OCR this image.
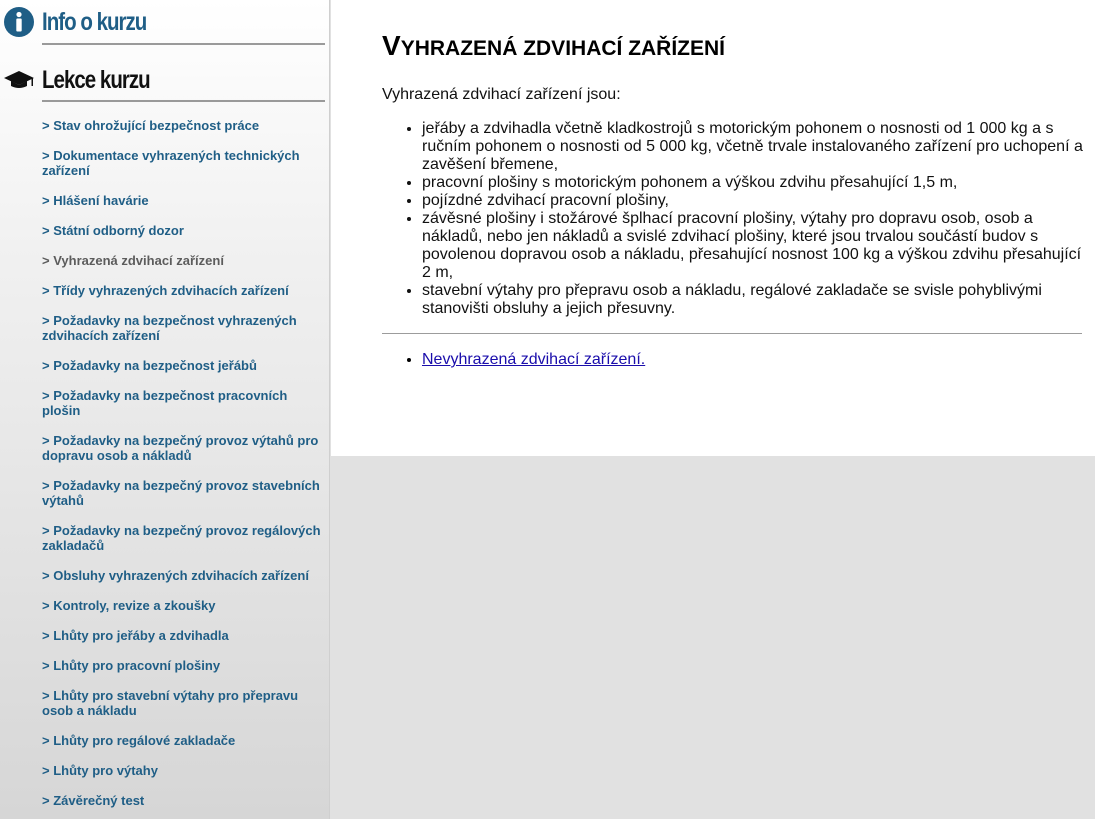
Info o kurzu
Lekce kurzu
> Stav ohrožující bezpečnost práce
> Dokumentace vyhrazených technických zařízení
> Hlášení havárie
> Státní odborný dozor
> Vyhrazená zdvihací zařízení
> Třídy vyhrazených zdvihacích zařízení
> Požadavky na bezpečnost vyhrazených zdvihacích zařízení
> Požadavky na bezpečnost jeřábů
> Požadavky na bezpečnost pracovních plošin
> Požadavky na bezpečný provoz výtahů pro dopravu osob a nákladů
> Požadavky na bezpečný provoz stavebních výtahů
> Požadavky na bezpečný provoz regálových zakladačů
> Obsluhy vyhrazených zdvihacích zařízení
> Kontroly, revize a zkoušky
> Lhůty pro jeřáby a zdvihadla
> Lhůty pro pracovní plošiny
> Lhůty pro stavební výtahy pro přepravu osob a nákladu
> Lhůty pro regálové zakladače
> Lhůty pro výtahy
> Závěrečný test
VYHRAZENÁ ZDVIHACÍ ZAŘÍZENÍ

Vyhrazená zdvihací zařízení jsou:

• jeřáby a zdvihadla včetně kladkostrojů s motorickým pohonem o nosnosti od 1 000 kg a s ručním pohonem o nosnosti od 5 000 kg, včetně trvale instalovaného zařízení pro uchopení a zavěšení břemene,
• pracovní plošiny s motorickým pohonem a výškou zdvihu přesahující 1,5 m,
• pojízdné zdvihací pracovní plošiny,
• závěsné plošiny i stožárové šplhací pracovní plošiny, výtahy pro dopravu osob, osob a nákladů, nebo jen nákladů a svislé zdvihací plošiny, které jsou trvalou součástí budov s povolenou dopravou osob a nákladu, přesahující nosnost 100 kg a výškou zdvihu přesahující 2 m,
• stavební výtahy pro přepravu osob a nákladu, regálové zakladače se svisle pohyblivými stanovišti obsluhy a jejich přesuvny.
• Nevyhrazená zdvihací zařízení.
